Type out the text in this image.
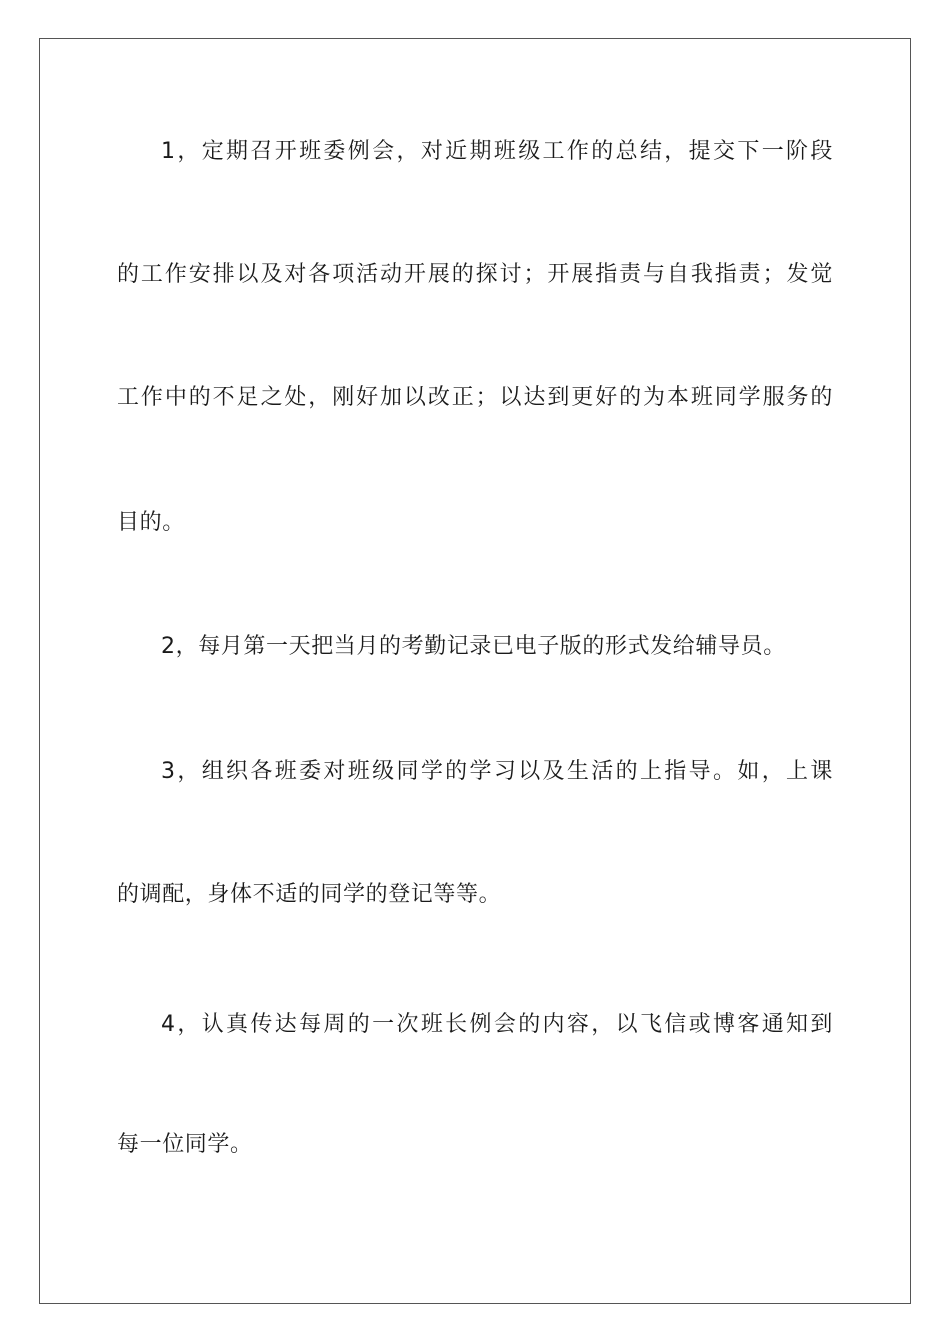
1，定期召开班委例会，对近期班级工作的总结，提交下一阶段
的工作安排以及对各项活动开展的探讨；开展指责与自我指责；发觉
工作中的不足之处，刚好加以改正；以达到更好的为本班同学服务的
目的。
2，每月第一天把当月的考勤记录已电子版的形式发给辅导员。
3，组织各班委对班级同学的学习以及生活的上指导。如，上课
的调配，身体不适的同学的登记等等。
4，认真传达每周的一次班长例会的内容，以飞信或博客通知到
每一位同学。
